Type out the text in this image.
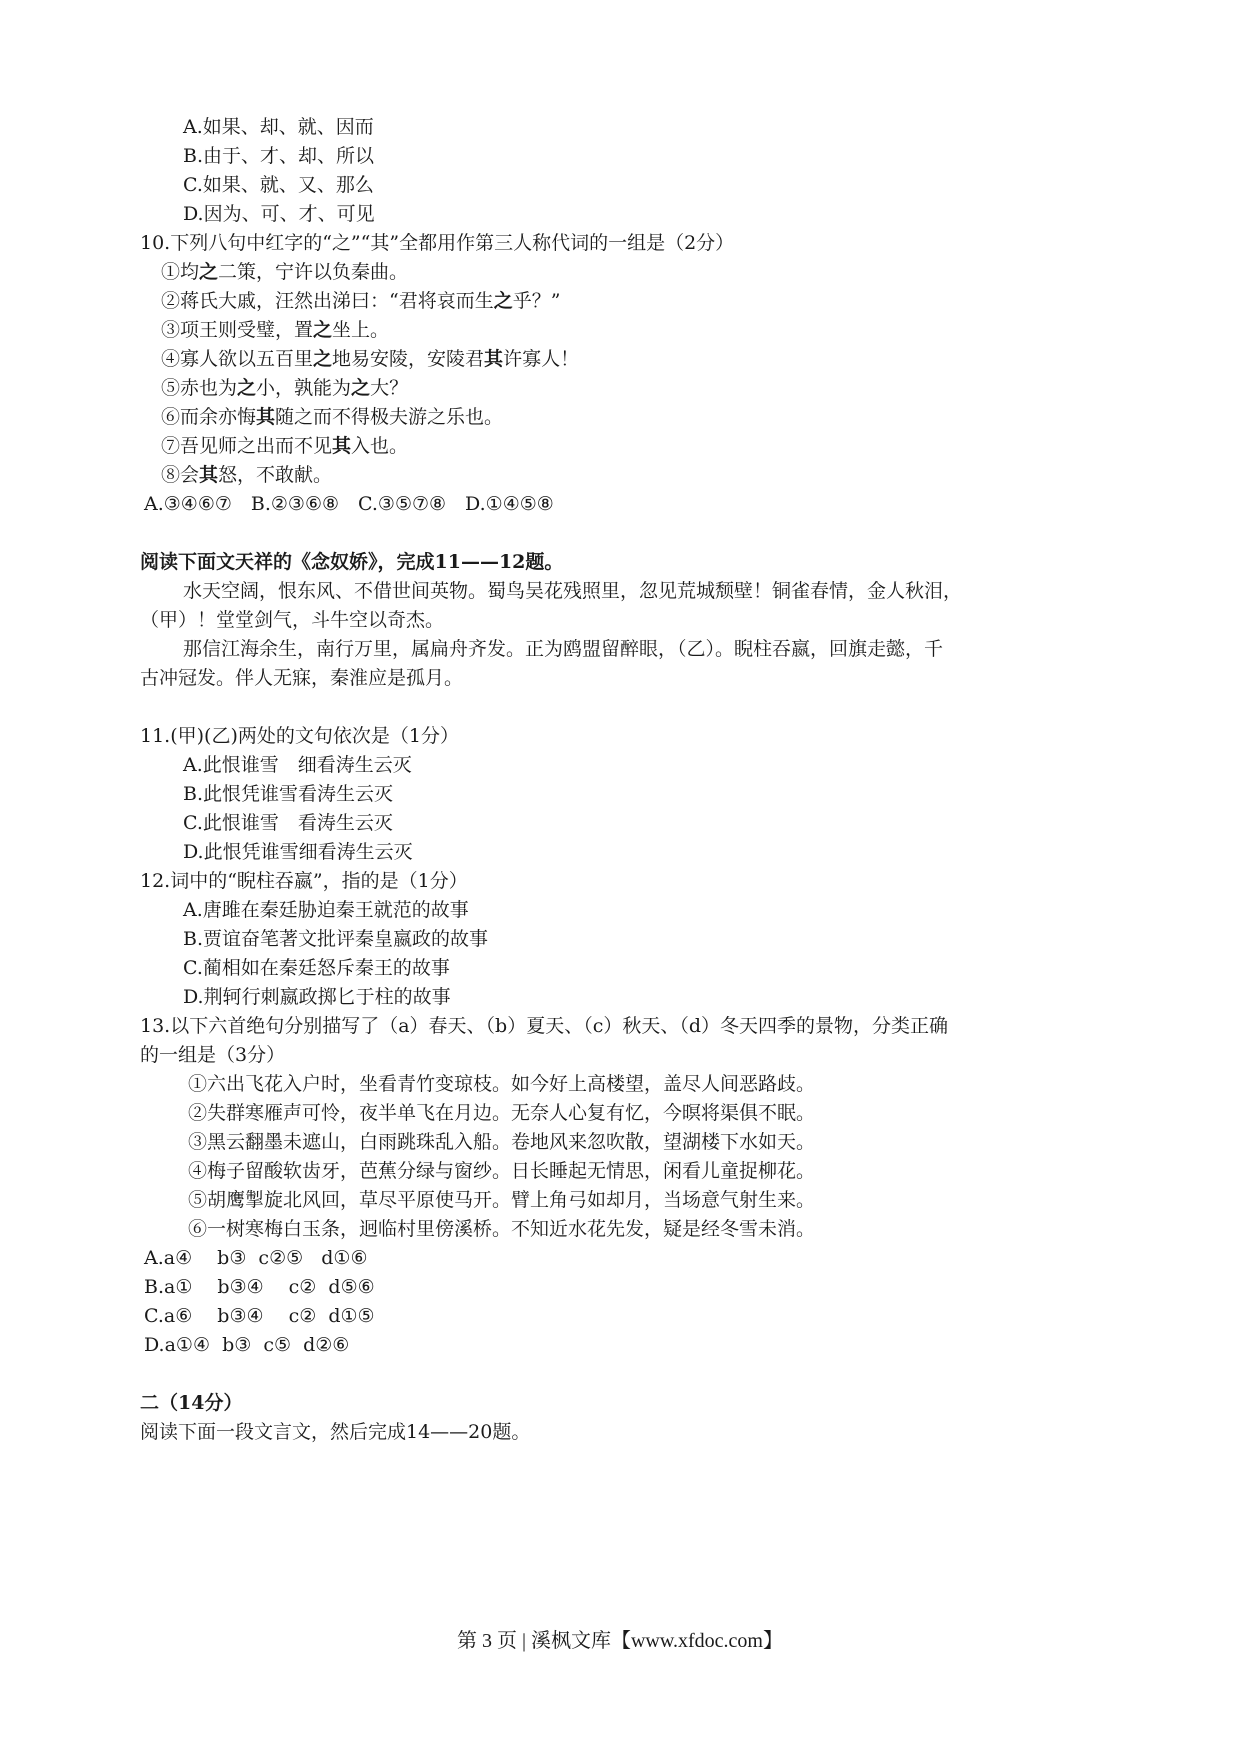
A.如果、却、就、因而
B.由于、才、却、所以
C.如果、就、又、那么
D.因为、可、才、可见
10.下列八句中红字的“之”“其”全都用作第三人称代词的一组是（2分）
①均之二策，宁许以负秦曲。
②蒋氏大戚，汪然出涕曰：“君将哀而生之乎？”
③项王则受璧，置之坐上。
④寡人欲以五百里之地易安陵，安陵君其许寡人！
⑤赤也为之小，孰能为之大？
⑥而余亦悔其随之而不得极夫游之乐也。
⑦吾见师之出而不见其入也。
⑧会其怒，不敢献。
A.③④⑥⑦　B.②③⑥⑧　C.③⑤⑦⑧　D.①④⑤⑧
阅读下面文天祥的《念奴娇》，完成11——12题。
水天空阔，恨东风、不借世间英物。蜀鸟吴花残照里，忽见荒城颓壁！铜雀春情，金人秋泪，
（甲）！堂堂剑气，斗牛空以奇杰。
那信江海余生，南行万里，属扁舟齐发。正为鸥盟留醉眼，（乙）。睨柱吞嬴，回旗走懿，千
古冲冠发。伴人无寐，秦淮应是孤月。
11.(甲)(乙)两处的文句依次是（1分）
A.此恨谁雪　细看涛生云灭
B.此恨凭谁雪看涛生云灭
C.此恨谁雪　看涛生云灭
D.此恨凭谁雪细看涛生云灭
12.词中的“睨柱吞嬴”，指的是（1分）
A.唐雎在秦廷胁迫秦王就范的故事
B.贾谊奋笔著文批评秦皇嬴政的故事
C.蔺相如在秦廷怒斥秦王的故事
D.荆轲行刺嬴政掷匕于柱的故事
13.以下六首绝句分别描写了（a）春天、（b）夏天、（c）秋天、（d）冬天四季的景物，分类正确
的一组是（3分）
①六出飞花入户时，坐看青竹变琼枝。如今好上高楼望，盖尽人间恶路歧。
②失群寒雁声可怜，夜半单飞在月边。无奈人心复有忆，今暝将渠俱不眠。
③黑云翻墨未遮山，白雨跳珠乱入船。卷地风来忽吹散，望湖楼下水如天。
④梅子留酸软齿牙，芭蕉分绿与窗纱。日长睡起无情思，闲看儿童捉柳花。
⑤胡鹰掣旋北风回，草尽平原使马开。臂上角弓如却月，当场意气射生来。
⑥一树寒梅白玉条，迥临村里傍溪桥。不知近水花先发，疑是经冬雪未消。
A.a④　 b③  c②⑤   d①⑥
B.a①　 b③④　 c②  d⑤⑥
C.a⑥　 b③④　 c②  d①⑤
D.a①④  b③  c⑤  d②⑥
二（14分）
阅读下面一段文言文，然后完成14——20题。
第 3 页 | 溪枫文库【www.xfdoc.com】
